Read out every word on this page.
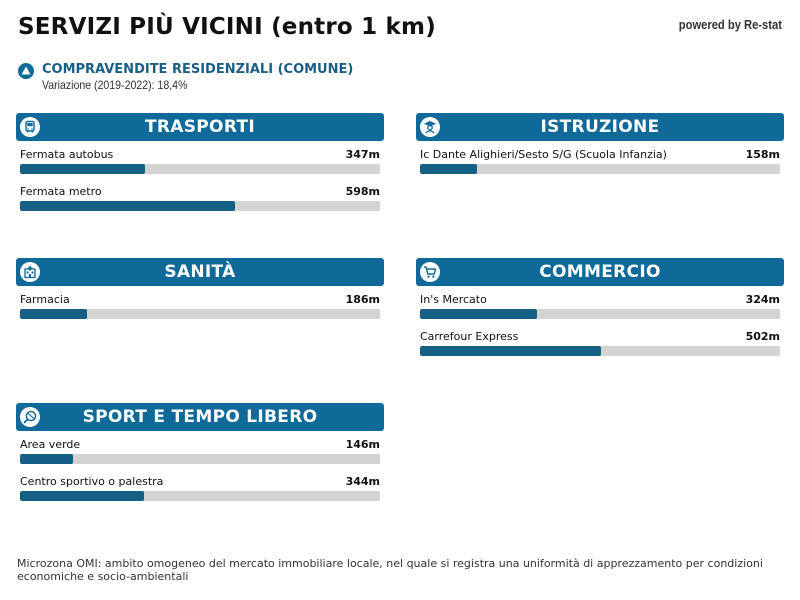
SERVIZI PIÙ VICINI (entro 1 km)	powered by Re-stat
COMPRAVENDITE RESIDENZIALI (COMUNE)
Variazione (2019-2022): 18,4%
TRASPORTI
Fermata autobus	347m
Fermata metro	598m
ISTRUZIONE
Ic Dante Alighieri/Sesto S/G (Scuola Infanzia)	158m
SANITÀ
Farmacia	186m
COMMERCIO
In's Mercato	324m
Carrefour Express	502m
SPORT E TEMPO LIBERO
Area verde	146m
Centro sportivo o palestra	344m
Microzona OMI: ambito omogeneo del mercato immobiliare locale, nel quale si registra una uniformità di apprezzamento per condizioni economiche e socio-ambientali
